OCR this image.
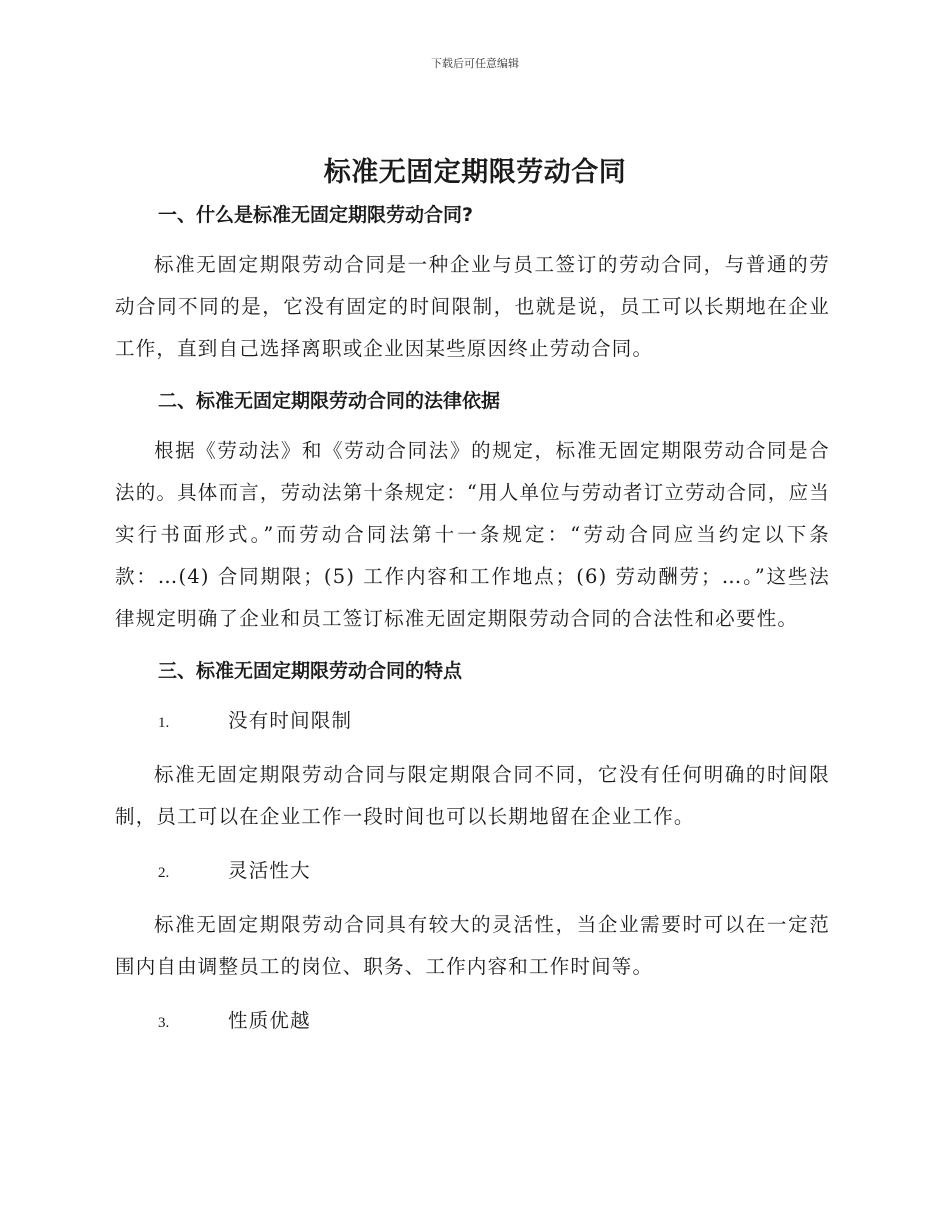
下载后可任意编辑
标准无固定期限劳动合同
一、什么是标准无固定期限劳动合同?

标准无固定期限劳动合同是一种企业与员工签订的劳动合同，与普通的劳动合同不同的是，它没有固定的时间限制，也就是说，员工可以长期地在企业工作，直到自己选择离职或企业因某些原因终止劳动合同。

二、标准无固定期限劳动合同的法律依据

根据《劳动法》和《劳动合同法》的规定，标准无固定期限劳动合同是合法的。具体而言，劳动法第十条规定：“用人单位与劳动者订立劳动合同，应当实行书面形式。”而劳动合同法第十一条规定：“劳动合同应当约定以下条款：…(4) 合同期限；(5) 工作内容和工作地点；(6) 劳动酬劳；…。”这些法律规定明确了企业和员工签订标准无固定期限劳动合同的合法性和必要性。

三、标准无固定期限劳动合同的特点
1.	没有时间限制

标准无固定期限劳动合同与限定期限合同不同，它没有任何明确的时间限制，员工可以在企业工作一段时间也可以长期地留在企业工作。

2.	灵活性大

标准无固定期限劳动合同具有较大的灵活性，当企业需要时可以在一定范围内自由调整员工的岗位、职务、工作内容和工作时间等。

3.	性质优越
